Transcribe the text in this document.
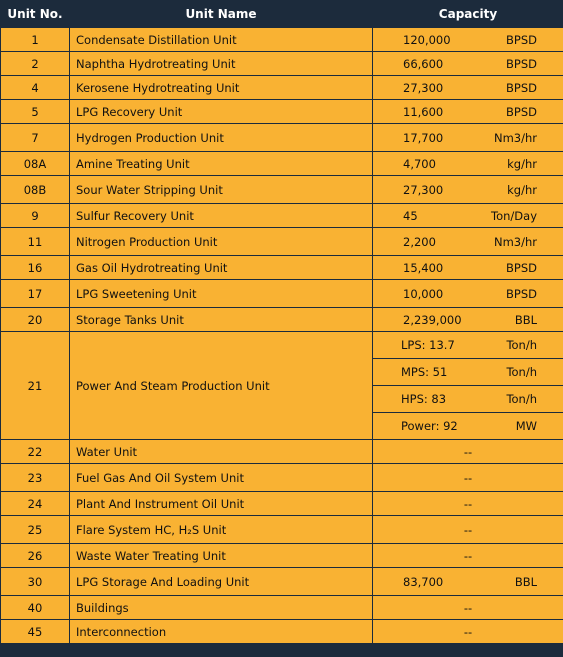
Unit No.	Unit Name	Capacity
1	Condensate Distillation Unit	120,000 BPSD

2	Naphtha Hydrotreating Unit	66,600 BPSD

4	Kerosene Hydrotreating Unit	27,300 BPSD

5	LPG Recovery Unit	11,600 BPSD

7	Hydrogen Production Unit	17,700 Nm3/hr

08A	Amine Treating Unit	4,700 kg/hr

08B	Sour Water Stripping Unit	27,300 kg/hr

9	Sulfur Recovery Unit	45 Ton/Day

11	Nitrogen Production Unit	2,200 Nm3/hr

16	Gas Oil Hydrotreating Unit	15,400 BPSD

17	LPG Sweetening Unit	10,000 BPSD

20	Storage Tanks Unit	2,239,000 BBL

21	Power And Steam Production Unit	LPS: 13.7 Ton/h

		MPS: 51 Ton/h

		HPS: 83 Ton/h

		Power: 92 MW

22	Water Unit	--
23	Fuel Gas And Oil System Unit	--
24	Plant And Instrument Oil Unit	--
25	Flare System HC, H₂S Unit	--
26	Waste Water Treating Unit	--
30	LPG Storage And Loading Unit	83,700 BBL

40	Buildings	--
45	Interconnection	--
